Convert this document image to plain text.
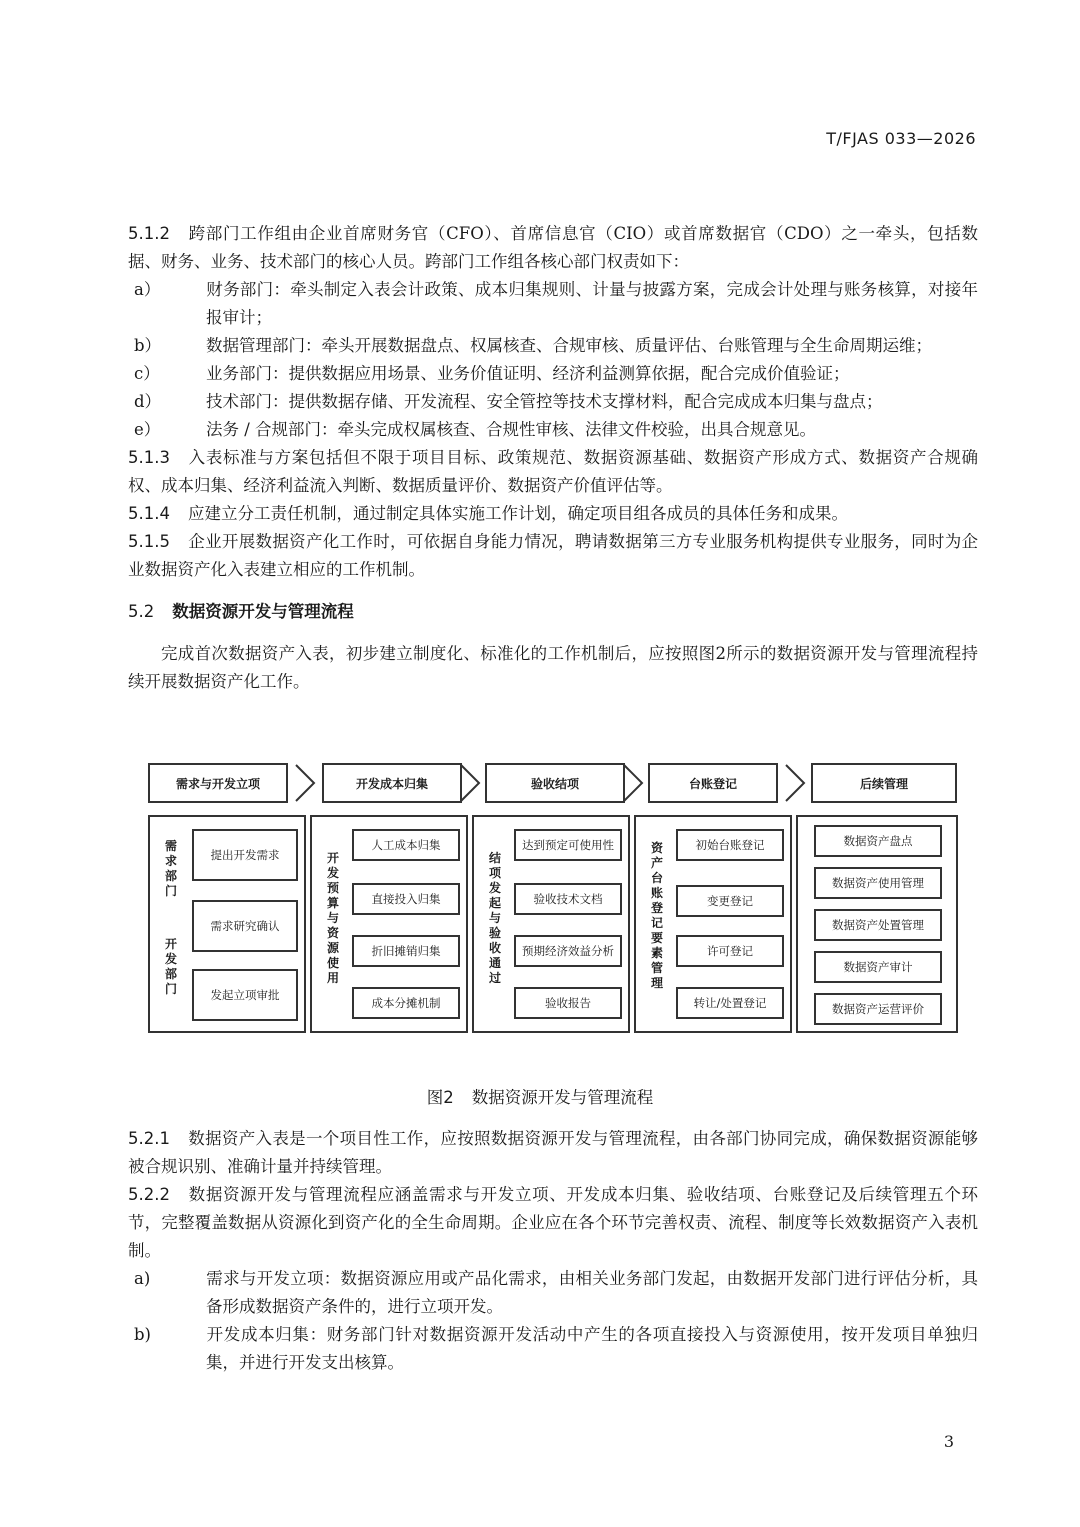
T/FJAS 033—2026

5.1.2 跨部门工作组由企业首席财务官（CFO）、首席信息官（CIO）或首席数据官（CDO）之一牵头，包括数据、财务、业务、技术部门的核心人员。跨部门工作组各核心部门权责如下：

a）	财务部门：牵头制定入表会计政策、成本归集规则、计量与披露方案，完成会计处理与账务核算，对接年报审计；

b）	数据管理部门：牵头开展数据盘点、权属核查、合规审核、质量评估、台账管理与全生命周期运维；

c）	业务部门：提供数据应用场景、业务价值证明、经济利益测算依据，配合完成价值验证；

d）	技术部门：提供数据存储、开发流程、安全管控等技术支撑材料，配合完成成本归集与盘点；

e）	法务 / 合规部门：牵头完成权属核查、合规性审核、法律文件校验，出具合规意见。

5.1.3 入表标准与方案包括但不限于项目目标、政策规范、数据资源基础、数据资产形成方式、数据资产合规确权、成本归集、经济利益流入判断、数据质量评价、数据资产价值评估等。

5.1.4 应建立分工责任机制，通过制定具体实施工作计划，确定项目组各成员的具体任务和成果。

5.1.5 企业开展数据资产化工作时，可依据自身能力情况，聘请数据第三方专业服务机构提供专业服务，同时为企业数据资产化入表建立相应的工作机制。

5.2 数据资源开发与管理流程

完成首次数据资产入表，初步建立制度化、标准化的工作机制后，应按照图2所示的数据资源开发与管理流程持续开展数据资产化工作。

需求与开发立项	开发成本归集	验收结项	台账登记	后续管理
需求部门
开发部门
提出开发需求
需求研究确认
发起立项审批
开发预算与资源使用
人工成本归集
直接投入归集
折旧摊销归集
成本分摊机制
结项发起与验收通过
达到预定可使用性
验收技术文档
预期经济效益分析
验收报告
资产台账登记要素管理
初始台账登记
变更登记
许可登记
转让/处置登记
数据资产盘点
数据资产使用管理
数据资产处置管理
数据资产审计
数据资产运营评价
图2 数据资源开发与管理流程

5.2.1 数据资产入表是一个项目性工作，应按照数据资源开发与管理流程，由各部门协同完成，确保数据资源能够被合规识别、准确计量并持续管理。

5.2.2 数据资源开发与管理流程应涵盖需求与开发立项、开发成本归集、验收结项、台账登记及后续管理五个环节，完整覆盖数据从资源化到资产化的全生命周期。企业应在各个环节完善权责、流程、制度等长效数据资产入表机制。

a)	需求与开发立项：数据资源应用或产品化需求，由相关业务部门发起，由数据开发部门进行评估分析，具备形成数据资产条件的，进行立项开发。

b)	开发成本归集：财务部门针对数据资源开发活动中产生的各项直接投入与资源使用，按开发项目单独归集，并进行开发支出核算。

3
